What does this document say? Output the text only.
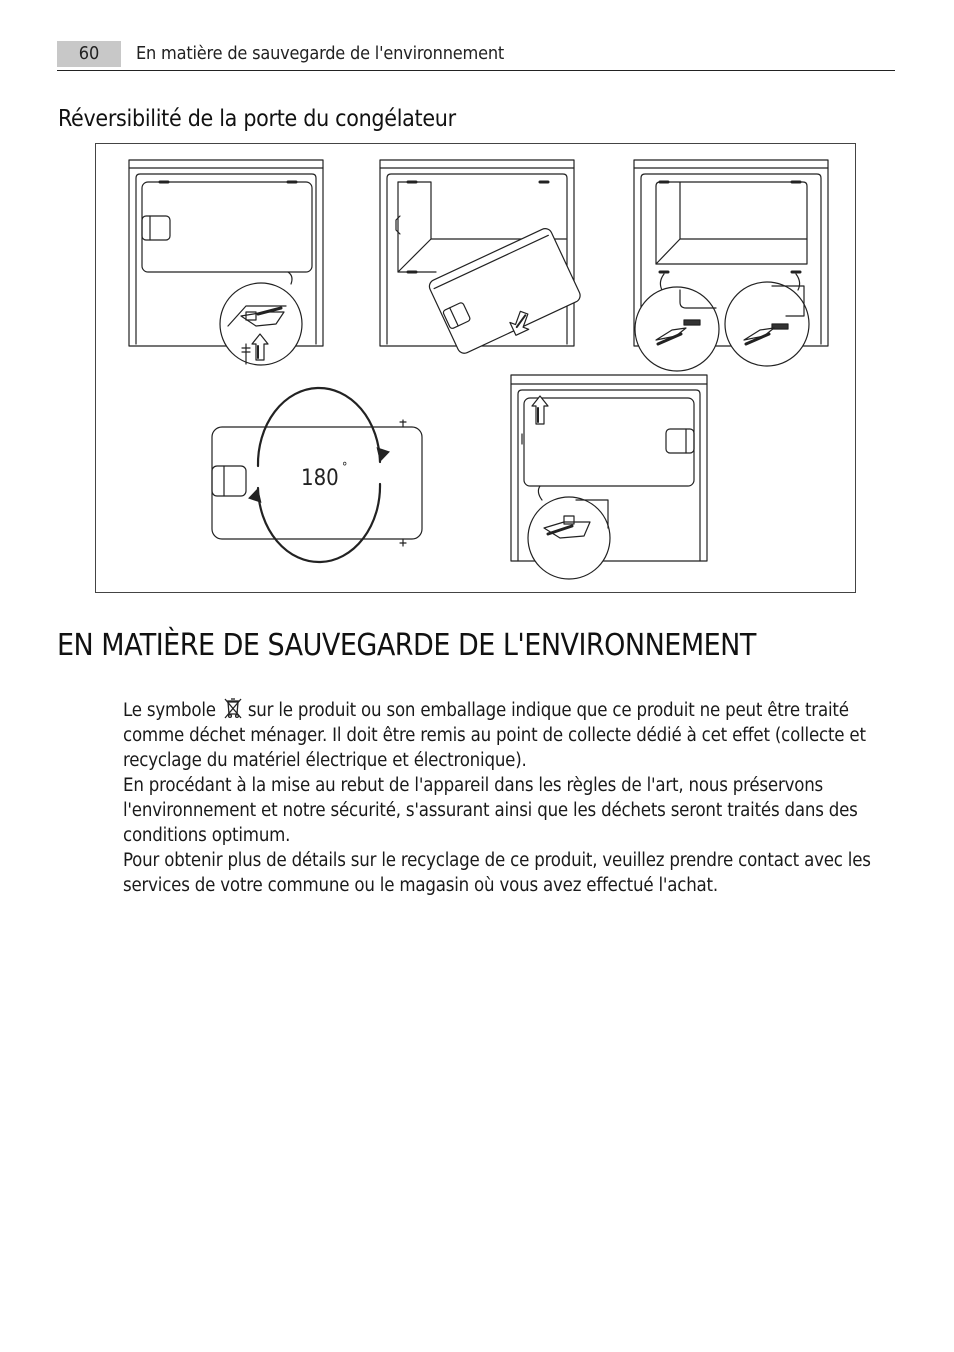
60	En matière de sauvegarde de l'environnement
Réversibilité de la porte du congélateur
180 °
EN MATIÈRE DE SAUVEGARDE DE L'ENVIRONNEMENT

Le symbole sur le produit ou son emballage indique que ce produit ne peut être traité comme déchet ménager. Il doit être remis au point de collecte dédié à cet effet (collecte et recyclage du matériel électrique et électronique).

En procédant à la mise au rebut de l'appareil dans les règles de l'art, nous préservons l'environnement et notre sécurité, s'assurant ainsi que les déchets seront traités dans des conditions optimum.

Pour obtenir plus de détails sur le recyclage de ce produit, veuillez prendre contact avec les services de votre commune ou le magasin où vous avez effectué l'achat.
